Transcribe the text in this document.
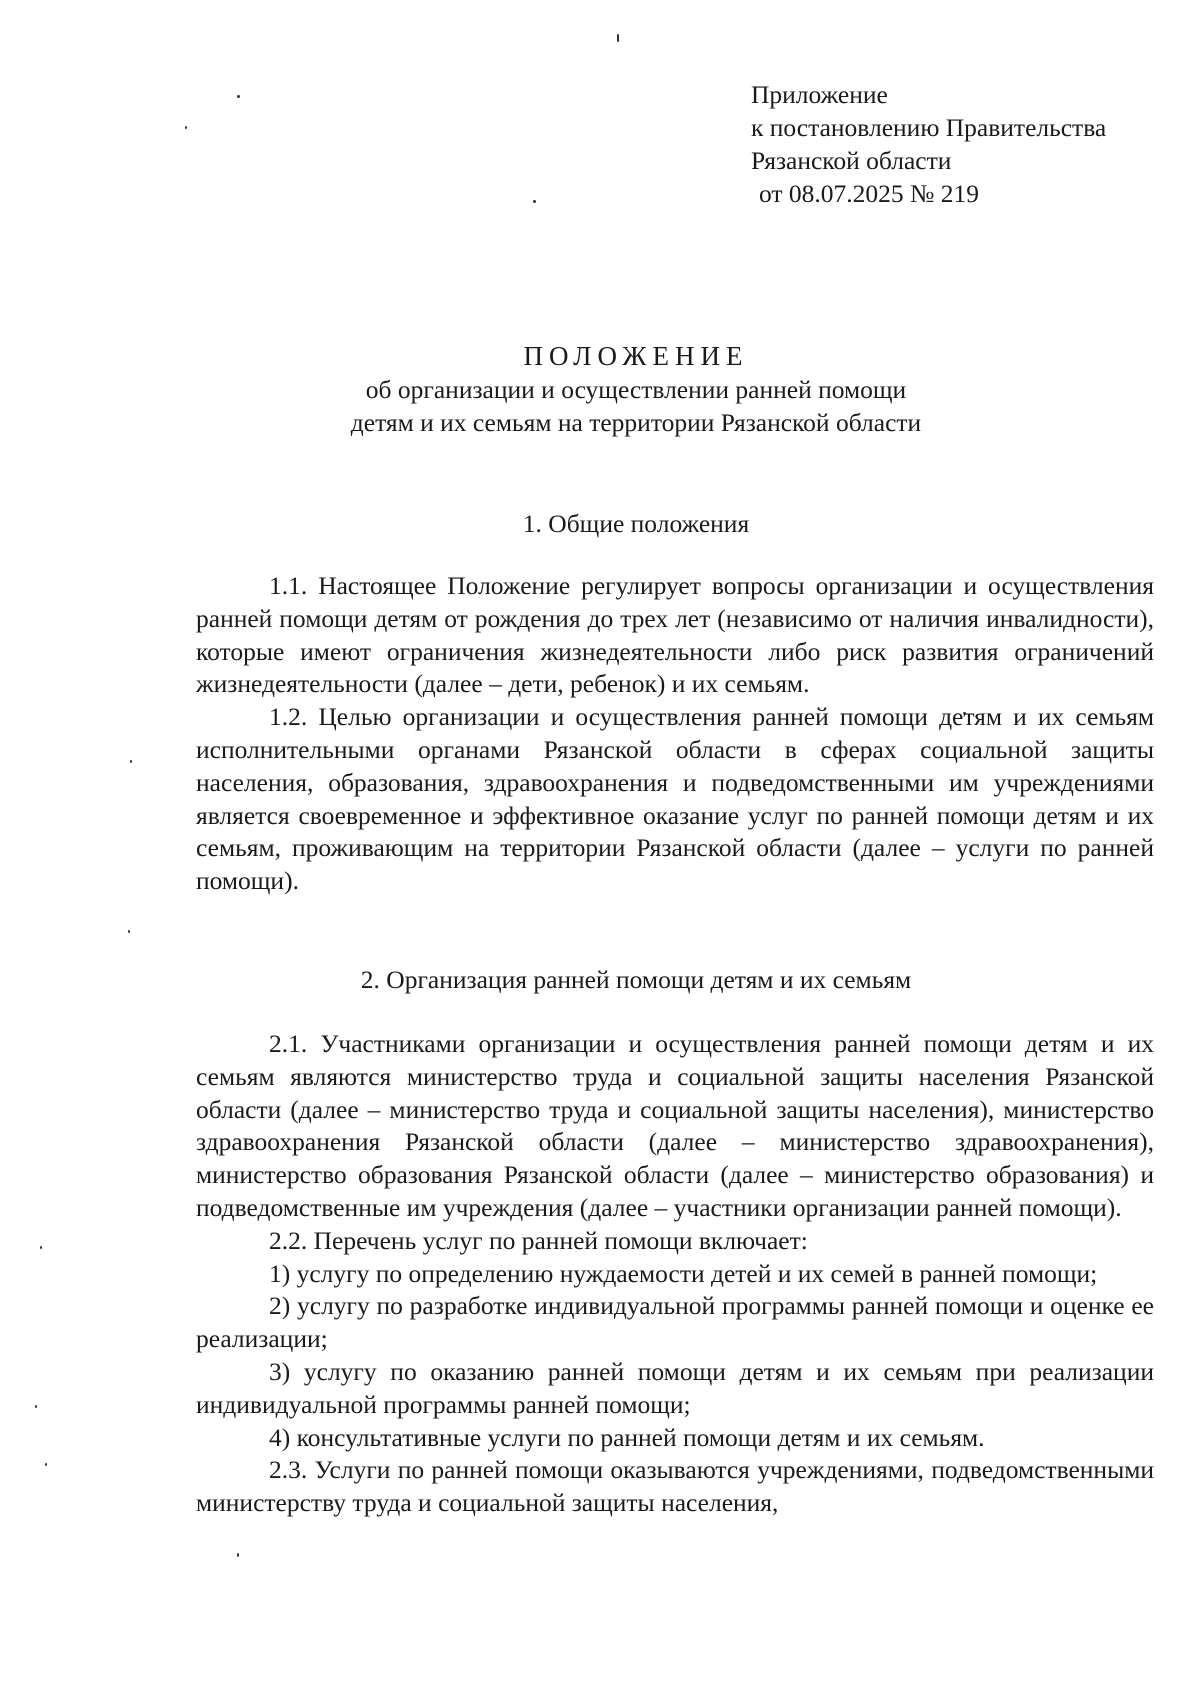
Приложение
к постановлению Правительства
Рязанской области
от 08.07.2025 № 219
ПОЛОЖЕНИЕ
об организации и осуществлении ранней помощи
детям и их семьям на территории Рязанской области
1. Общие положения

1.1. Настоящее Положение регулирует вопросы организации и осуществления ранней помощи детям от рождения до трех лет (независимо от наличия инвалидности), которые имеют ограничения жизнедеятельности либо риск развития ограничений жизнедеятельности (далее – дети, ребенок) и их семьям.

1.2. Целью организации и осуществления ранней помощи детям и их семьям исполнительными органами Рязанской области в сферах социальной защиты населения, образования, здравоохранения и подведомственными им учреждениями является своевременное и эффективное оказание услуг по ранней помощи детям и их семьям, проживающим на территории Рязанской области (далее – услуги по ранней помощи).

2. Организация ранней помощи детям и их семьям

2.1. Участниками организации и осуществления ранней помощи детям и их семьям являются министерство труда и социальной защиты населения Рязанской области (далее – министерство труда и социальной защиты населения), министерство здравоохранения Рязанской области (далее – министерство здравоохранения), министерство образования Рязанской области (далее – министерство образования) и подведомственные им учреждения (далее – участники организации ранней помощи).

2.2. Перечень услуг по ранней помощи включает:

1) услугу по определению нуждаемости детей и их семей в ранней помощи;

2) услугу по разработке индивидуальной программы ранней помощи и оценке ее реализации;

3) услугу по оказанию ранней помощи детям и их семьям при реализации индивидуальной программы ранней помощи;

4) консультативные услуги по ранней помощи детям и их семьям.

2.3. Услуги по ранней помощи оказываются учреждениями, подведомственными министерству труда и социальной защиты населения,
